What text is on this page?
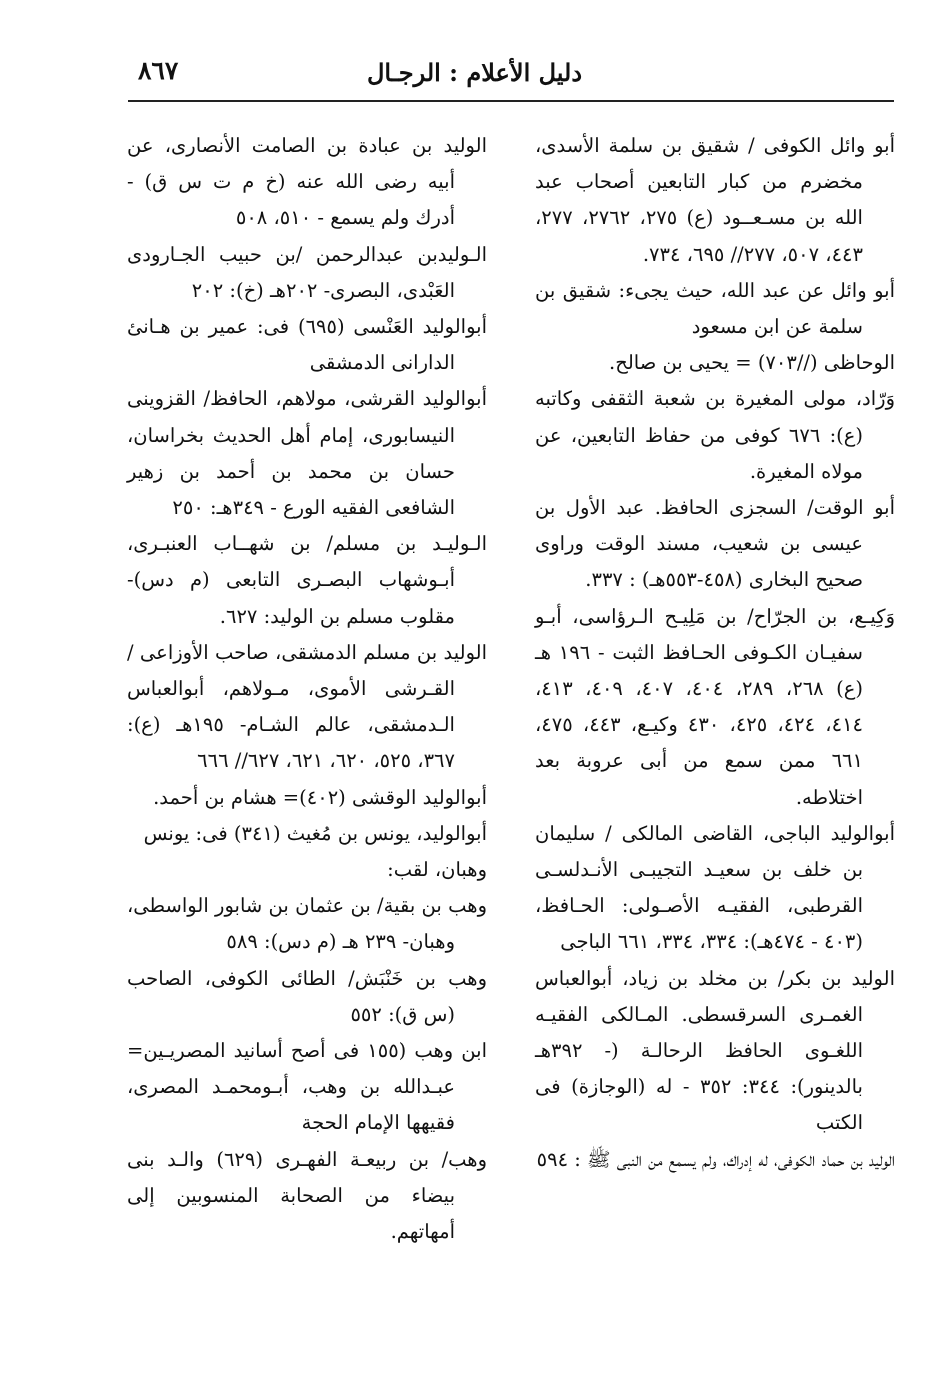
دليل الأعلام : الرجـال
٨٦٧

أبو وائل الكوفى / شقيق بن سلمة الأسدى، مخضرم من كبار التابعين أصحاب عبد الله بن مسـعــود (ع) ٢٧٥، ٢٧٦٢، ٢٧٧، ٤٤٣، ٥٠٧، ٢٧٧// ٦٩٥، ٧٣٤.

أبو وائل عن عبد الله، حيث يجىء: شقيق بن سلمة عن ابن مسعود

الوحاظى (//٧٠٣) = يحيى بن صالح.

وَرّاد، مولى المغيرة بن شعبة الثقفى وكاتبه (ع): ٦٧٦ كوفى من حفاظ التابعين، عن مولاه المغيرة.

أبو الوقت/ السجزى الحافظ. عبد الأول بن عيسى بن شعيب، مسند الوقت وراوى صحيح البخارى (٤٥٨-٥٥٣هـ) : ٣٣٧.

وَكِيـع، بن الجرّاح/ بن مَلِيـح الـرؤاسى، أبـو سفيـان الكـوفى الحـافظ الثبت - ١٩٦ هـ (ع) ٢٦٨، ٢٨٩، ٤٠٤، ٤٠٧، ٤٠٩، ٤١٣، ٤١٤، ٤٢٤، ٤٢٥، ٤٣٠ وكيـع، ٤٤٣، ٤٧٥، ٦٦١ ممن سمع من أبى عروبة بعد اختلاطه.

أبوالوليد الباجى، القاضى المالكى / سليمان بن خلف بن سعيـد التجيبـى الأنـدلسـى القرطبى، الفقيـه الأصـولى: الحـافظ، (٤٠٣ - ٤٧٤هـ): ٣٣٤، ٣٣٤، ٦٦١ الباجى

الوليد بن بكر/ بن مخلد بن زياد، أبوالعباس الغمـرى السرقسطى. المـالكى الفقيـه اللغـوى الحافظ الرحالـة (- ٣٩٢هـ بالدينور): ٣٤٤: ٣٥٢ - له (الوجازة) فى الكتب

الوليد بن حماد الكوفى، له إدراك، ولم يسمع من النبى ﷺ : ٥٩٤

الوليد بن عبادة بن الصامت الأنصارى، عن أبيه رضى الله عنه (خ م ت س ق) - أدرك ولم يسمع - ٥١٠، ٥٠٨

الـوليدبن عبدالرحمن /بن حبيب الجـارودى العَبْدى، البصرى- ٢٠٢هـ (خ): ٢٠٢

أبوالوليد العَنْسى (٦٩٥) فى: عمير بن هـانئ الدارانى الدمشقى

أبوالوليد القرشى، مولاهم، الحافظ/ القزوينى النيسابورى، إمام أهل الحديث بخراسان، حسان بن محمد بن أحمد بن زهير الشافعى الفقيه الورع - ٣٤٩هـ: ٢٥٠

الـوليـد بن مسلم/ بن شهــاب العنبـرى، أبـوشهاب البصـرى التابعى (م دس)- مقلوب مسلم بن الوليد: ٦٢٧.

الوليد بن مسلم الدمشقى، صاحب الأوزاعى / القـرشى الأموى، مـولاهم، أبوالعباس الـدمشقى، عالم الشـام- ١٩٥هـ (ع): ٣٦٧، ٥٢٥، ٦٢٠، ٦٢١، ٦٢٧// ٦٦٦

أبوالوليد الوقشى (٤٠٢)= هشام بن أحمد.

أبوالوليد، يونس بن مُغيث (٣٤١) فى: يونس

وهبان، لقب:

وهب بن بقية/ بن عثمان بن شابور الواسطى، وهبان- ٢٣٩ هـ (م دس): ٥٨٩

وهب بن خَنْبَش/ الطائى الكوفى، الصاحب (س ق): ٥٥٢

ابن وهب (١٥٥ فى أصح أسانيد المصريـين= عبـدالله بن وهب، أبـومحمـد المصرى، فقيهها الإمام الحجة

وهب/ بن ربيعـة الفهـرى (٦٢٩) والـد بنى بيضاء من الصحابة المنسوبين إلى أمهاتهم.
